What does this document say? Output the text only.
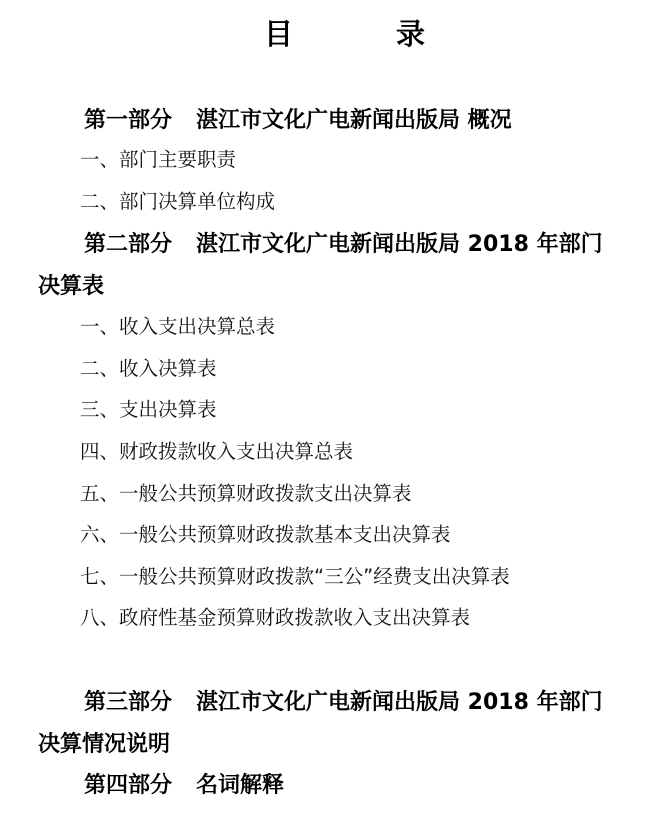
目	录
第一部分 湛江市文化广电新闻出版局 概况
一、部门主要职责
二、部门决算单位构成
第二部分 湛江市文化广电新闻出版局 2018 年部门
决算表
一、收入支出决算总表
二、收入决算表
三、支出决算表
四、财政拨款收入支出决算总表
五、一般公共预算财政拨款支出决算表
六、一般公共预算财政拨款基本支出决算表
七、一般公共预算财政拨款“三公”经费支出决算表
八、政府性基金预算财政拨款收入支出决算表
第三部分 湛江市文化广电新闻出版局 2018 年部门
决算情况说明
第四部分 名词解释
